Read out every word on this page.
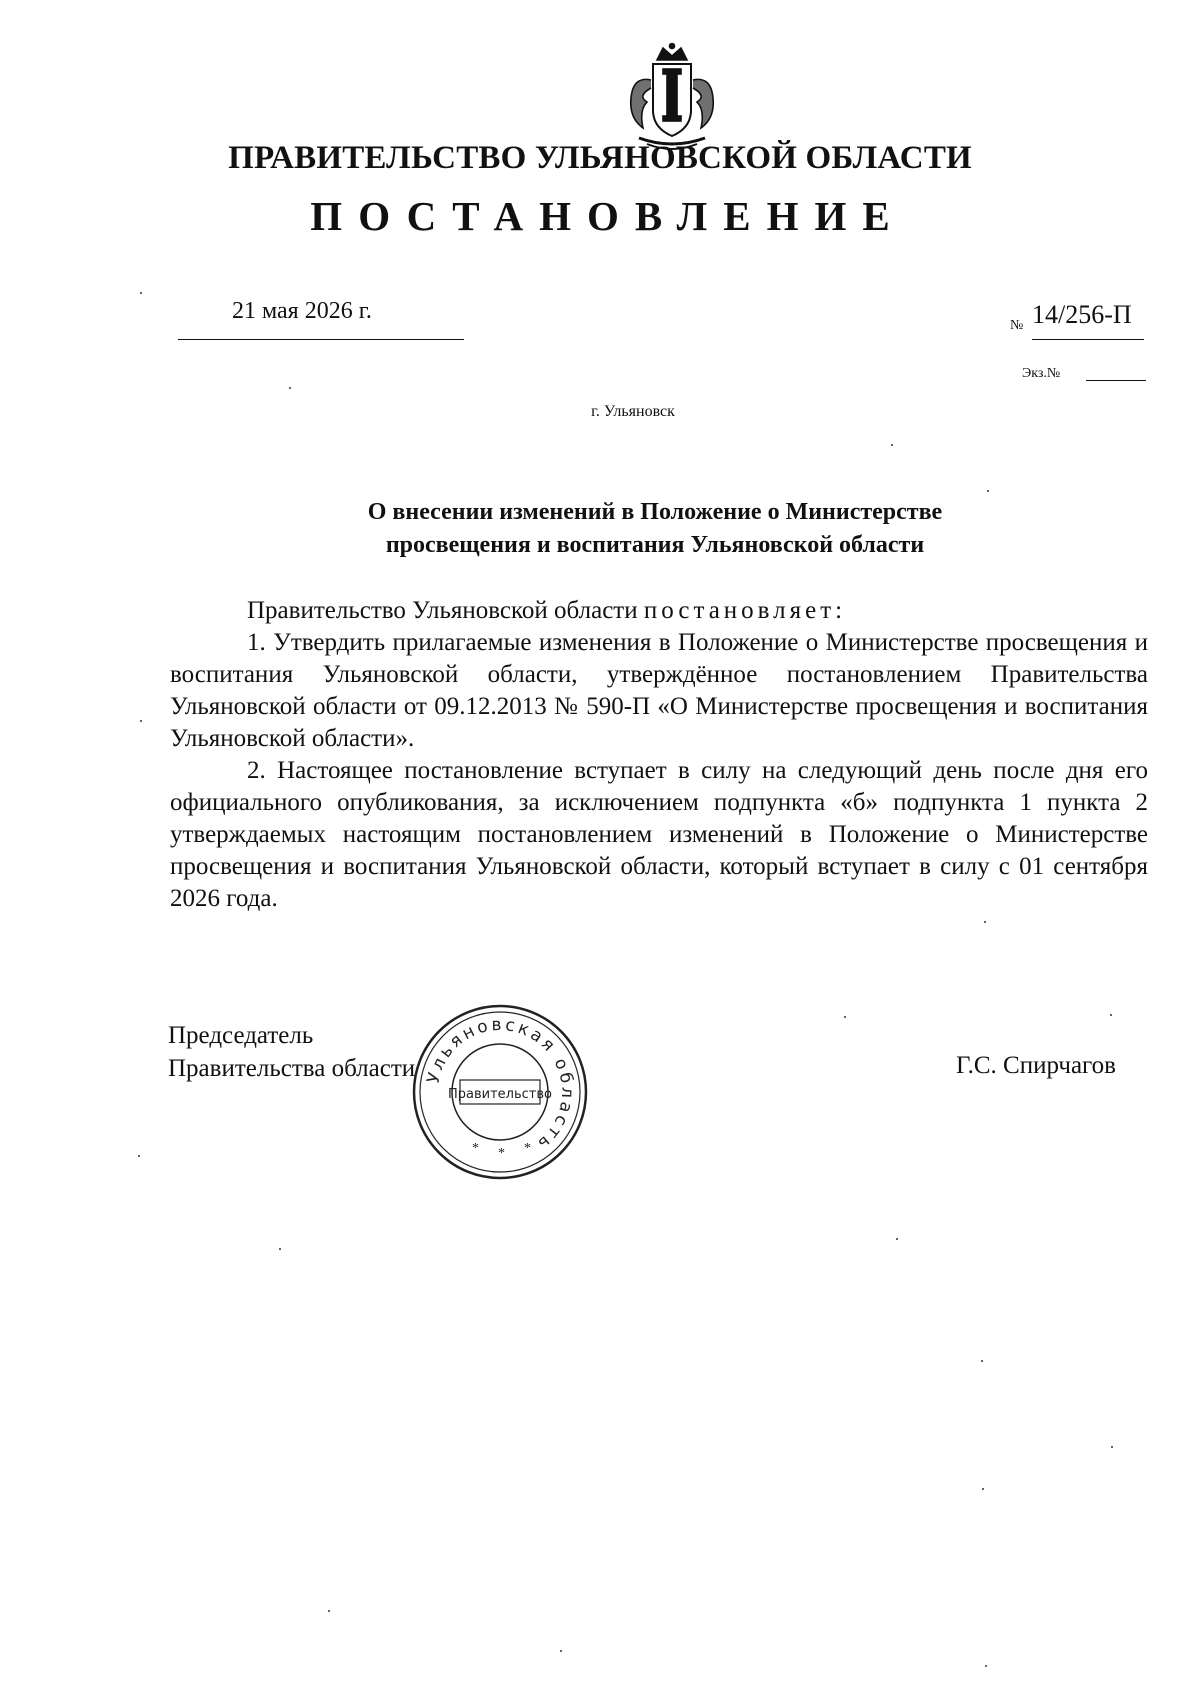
ПРАВИТЕЛЬСТВО УЛЬЯНОВСКОЙ ОБЛАСТИ
ПОСТАНОВЛЕНИЕ
21 мая 2026 г.
№ 14/256-П
Экз.№
г. Ульяновск
О внесении изменений в Положение о Министерстве
просвещения и воспитания Ульяновской области

Правительство Ульяновской области постановляет:

1. Утвердить прилагаемые изменения в Положение о Министерстве просвещения и воспитания Ульяновской области, утверждённое постановлением Правительства Ульяновской области от 09.12.2013 № 590-П «О Министерстве просвещения и воспитания Ульяновской области».

2. Настоящее постановление вступает в силу на следующий день после дня его официального опубликования, за исключением подпункта «б» подпункта 1 пункта 2 утверждаемых настоящим постановлением изменений в Положение о Министерстве просвещения и воспитания Ульяновской области, который вступает в силу с 01 сентября 2026 года.

Председатель
Правительства области Ульяновская область
Правительство
* * *
Г.С. Спирчагов
